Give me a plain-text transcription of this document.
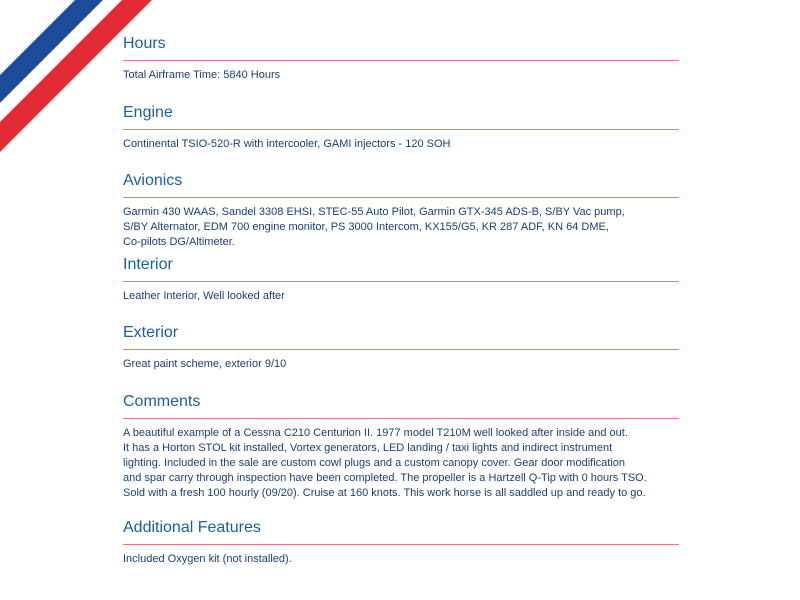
Hours

Total Airframe Time: 5840 Hours

Engine

Continental TSIO-520-R with intercooler, GAMI injectors - 120 SOH

Avionics

Garmin 430 WAAS, Sandel 3308 EHSI, STEC-55 Auto Pilot, Garmin GTX-345 ADS-B, S/BY Vac pump,

S/BY Alternator, EDM 700 engine monitor, PS 3000 Intercom, KX155/G5, KR 287 ADF, KN 64 DME,

Co-pilots DG/Altimeter.

Interior

Leather Interior, Well looked after

Exterior

Great paint scheme, exterior 9/10

Comments

A beautiful example of a Cessna C210 Centurion II. 1977 model T210M well looked after inside and out.

It has a Horton STOL kit installed, Vortex generators, LED landing / taxi lights and indirect instrument

lighting. Included in the sale are custom cowl plugs and a custom canopy cover. Gear door modification

and spar carry through inspection have been completed. The propeller is a Hartzell Q-Tip with 0 hours TSO.

Sold with a fresh 100 hourly (09/20). Cruise at 160 knots. This work horse is all saddled up and ready to go.

Additional Features

Included Oxygen kit (not installed).
